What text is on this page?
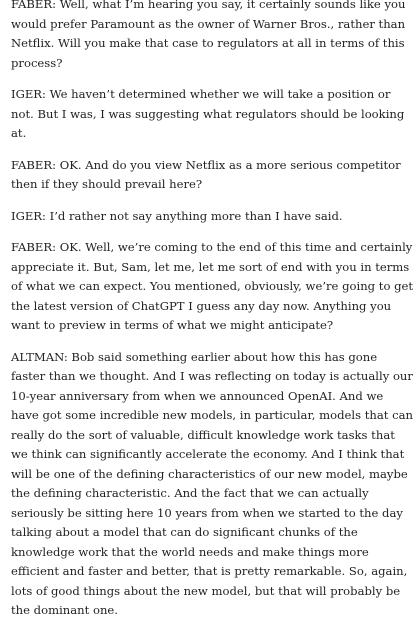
FABER: Well, what I’m hearing you say, it certainly sounds like you would prefer Paramount as the owner of Warner Bros., rather than Netflix. Will you make that case to regulators at all in terms of this process?

IGER: We haven’t determined whether we will take a position or not. But I was, I was suggesting what regulators should be looking at.

FABER: OK. And do you view Netflix as a more serious competitor then if they should prevail here?

IGER: I’d rather not say anything more than I have said.

FABER: OK. Well, we’re coming to the end of this time and certainly appreciate it. But, Sam, let me, let me sort of end with you in terms of what we can expect. You mentioned, obviously, we’re going to get the latest version of ChatGPT I guess any day now. Anything you want to preview in terms of what we might anticipate?

ALTMAN: Bob said something earlier about how this has gone faster than we thought. And I was reflecting on today is actually our 10-year anniversary from when we announced OpenAI. And we have got some incredible new models, in particular, models that can really do the sort of valuable, difficult knowledge work tasks that we think can significantly accelerate the economy. And I think that will be one of the defining characteristics of our new model, maybe the defining characteristic. And the fact that we can actually seriously be sitting here 10 years from when we started to the day talking about a model that can do significant chunks of the knowledge work that the world needs and make things more efficient and faster and better, that is pretty remarkable. So, again, lots of good things about the new model, but that will probably be the dominant one.
